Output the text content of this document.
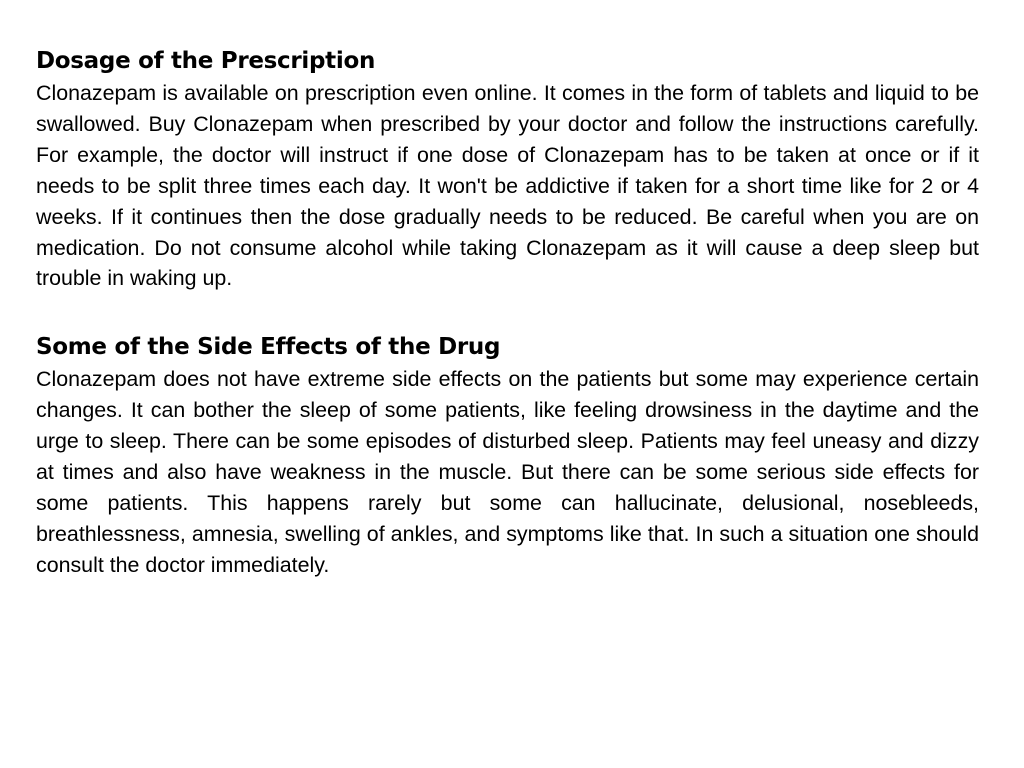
Dosage of the Prescription

Clonazepam is available on prescription even online. It comes in the form of tablets and liquid to be swallowed. Buy Clonazepam when prescribed by your doctor and follow the instructions carefully. For example, the doctor will instruct if one dose of Clonazepam has to be taken at once or if it needs to be split three times each day. It won't be addictive if taken for a short time like for 2 or 4 weeks. If it continues then the dose gradually needs to be reduced. Be careful when you are on medication. Do not consume alcohol while taking Clonazepam as it will cause a deep sleep but trouble in waking up.

Some of the Side Effects of the Drug

Clonazepam does not have extreme side effects on the patients but some may experience certain changes. It can bother the sleep of some patients, like feeling drowsiness in the daytime and the urge to sleep. There can be some episodes of disturbed sleep. Patients may feel uneasy and dizzy at times and also have weakness in the muscle. But there can be some serious side effects for some patients. This happens rarely but some can hallucinate, delusional, nosebleeds, breathlessness, amnesia, swelling of ankles, and symptoms like that. In such a situation one should consult the doctor immediately.
